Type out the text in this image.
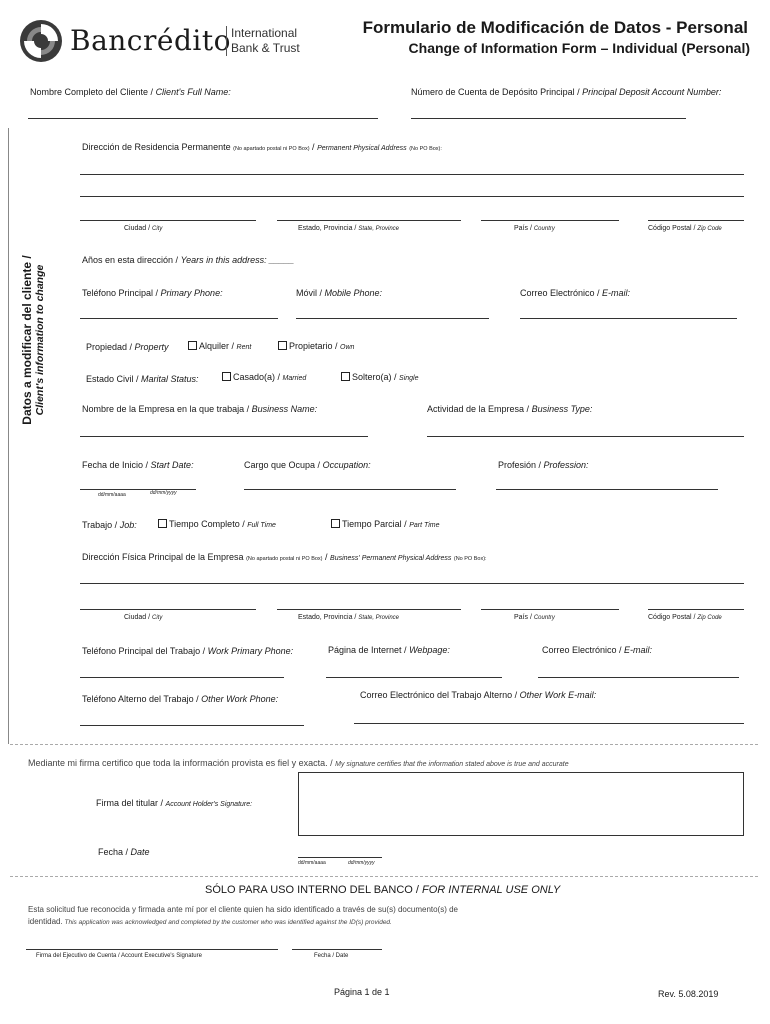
Bancrédito International
Bank & Trust
Formulario de Modificación de Datos - Personal
Change of Information Form – Individual (Personal)
Nombre Completo del Cliente / Client's Full Name:	Número de Cuenta de Depósito Principal / Principal Deposit Account Number:
Datos a modificar del cliente / Client's information to change
Dirección de Residencia Permanente (No apartado postal ni PO Box) / Permanent Physical Address (No PO Box):
Ciudad / City	Estado, Provincia / State, Province	País / Country	Código Postal / Zip Code
Años en esta dirección / Years in this address: _____
Teléfono Principal / Primary Phone:	Móvil / Mobile Phone:	Correo Electrónico / E-mail:
Propiedad / Property	Alquiler / Rent	Propietario / Own
Estado Civil / Marital Status:	Casado(a) / Married	Soltero(a) / Single
Nombre de la Empresa en la que trabaja / Business Name:	Actividad de la Empresa / Business Type:
Fecha de Inicio / Start Date:	Cargo que Ocupa / Occupation:	Profesión / Profession:
dd/mm/aaaa	dd/mm/yyyy
Trabajo / Job:	Tiempo Completo / Full Time	Tiempo Parcial / Part Time
Dirección Física Principal de la Empresa (No apartado postal ni PO Box) / Business' Permanent Physical Address (No PO Box):
Ciudad / City	Estado, Provincia / State, Province	País / Country	Código Postal / Zip Code
Teléfono Principal del Trabajo / Work Primary Phone:	Página de Internet / Webpage:	Correo Electrónico / E-mail:
Teléfono Alterno del Trabajo / Other Work Phone:	Correo Electrónico del Trabajo Alterno / Other Work E-mail:
Mediante mi firma certifico que toda la información provista es fiel y exacta. / My signature certifies that the information stated above is true and accurate
Firma del titular / Account Holder's Signature:
Fecha / Date
dd/mm/aaaa	dd/mm/yyyy
SÓLO PARA USO INTERNO DEL BANCO / FOR INTERNAL USE ONLY
Esta solicitud fue reconocida y firmada ante mí por el cliente quien ha sido identificado a través de su(s) documento(s) de
identidad. This application was acknowledged and completed by the customer who was identified against the ID(s) provided.
Firma del Ejecutivo de Cuenta / Account Executive's Signature	Fecha / Date
Página 1 de 1	Rev. 5.08.2019
